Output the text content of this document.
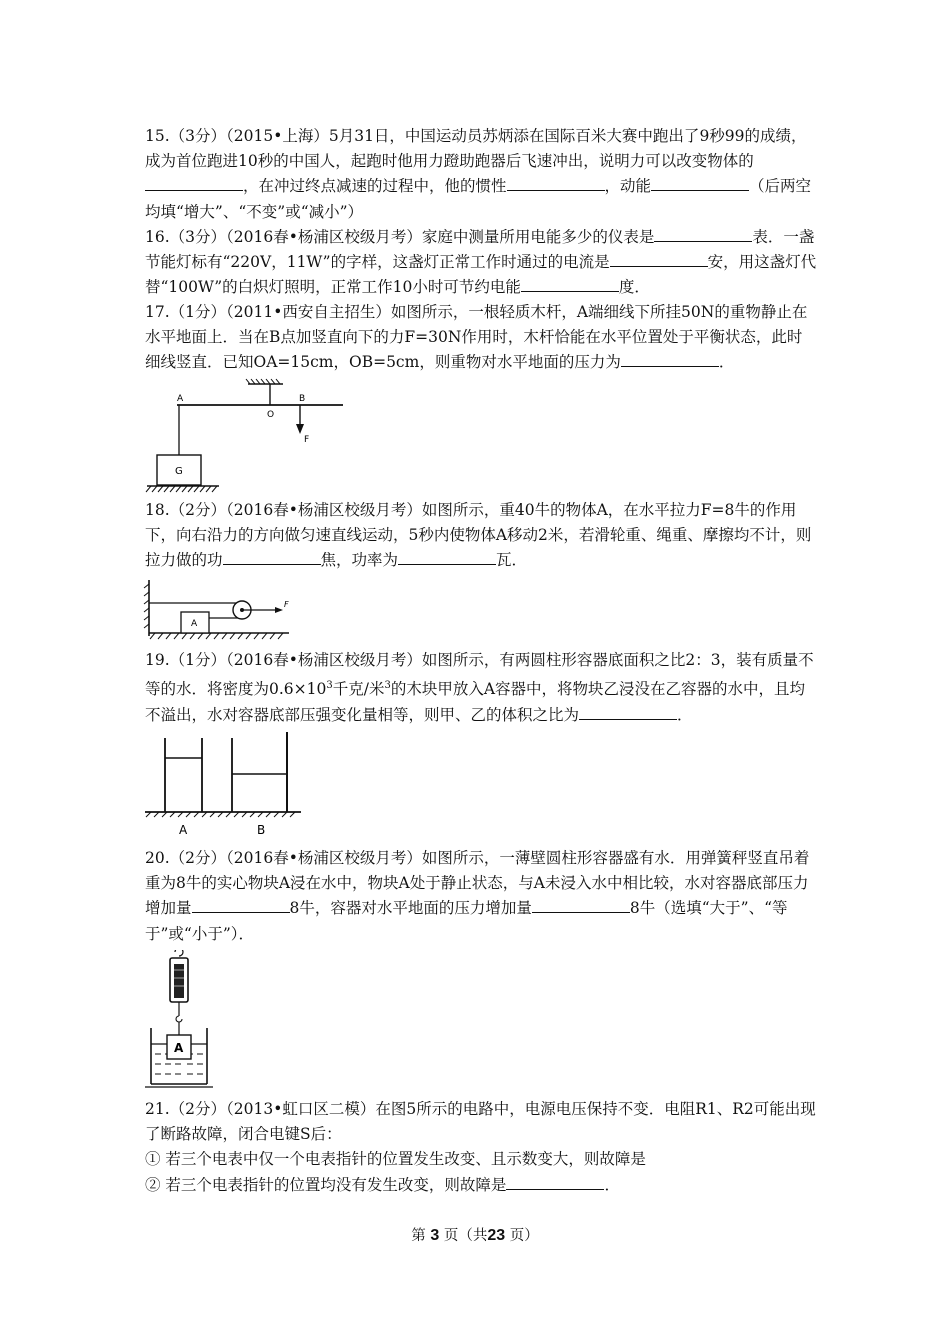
15.（3分）（2015•上海）5月31日，中国运动员苏炳添在国际百米大赛中跑出了9秒99的成绩，成为首位跑进10秒的中国人，起跑时他用力蹬助跑器后飞速冲出，说明力可以改变物体的，在冲过终点减速的过程中，他的惯性	，动能	（后两空均填“增大”、“不变”或“减小”）
16.（3分）（2016春•杨浦区校级月考）家庭中测量所用电能多少的仪表是	表．一盏节能灯标有“220V，11W”的字样，这盏灯正常工作时通过的电流是	安，用这盏灯代替“100W”的白炽灯照明，正常工作10小时可节约电能	度．
17.（1分）（2011•西安自主招生）如图所示，一根轻质木杆，A端细线下所挂50N的重物静止在水平地面上．当在B点加竖直向下的力F=30N作用时，木杆恰能在水平位置处于平衡状态，此时细线竖直．已知OA=15cm，OB=5cm，则重物对水平地面的压力为	．
A
O
B
F
G
18.（2分）（2016春•杨浦区校级月考）如图所示，重40牛的物体A，在水平拉力F=8牛的作用下，向右沿力的方向做匀速直线运动，5秒内使物体A移动2米，若滑轮重、绳重、摩擦均不计，则拉力做的功	焦，功率为	瓦．
A
F
19.（1分）（2016春•杨浦区校级月考）如图所示，有两圆柱形容器底面积之比2：3，装有质量不等的水．将密度为$0.6\times 10^3$千克/米$^3$的木块甲放入A容器中，将物块乙浸没在乙容器的水中，且均不溢出，水对容器底部压强变化量相等，则甲、乙的体积之比为	．
A	B
20.（2分）（2016春•杨浦区校级月考）如图所示，一薄壁圆柱形容器盛有水．用弹簧秤竖直吊着重为8牛的实心物块A浸在水中，物块A处于静止状态，与A未浸入水中相比较，水对容器底部压力增加量	8牛，容器对水平地面的压力增加量	8牛（选填“大于”、“等于”或“小于”）．
A
21.（2分）（2013•虹口区二模）在图5所示的电路中，电源电压保持不变．电阻R1、R2可能出现了断路故障，闭合电键S后：
① 若三个电表中仅一个电表指针的位置发生改变、且示数变大，则故障是
② 若三个电表指针的位置均没有发生改变，则故障是	．
第 3 页（共23 页）
